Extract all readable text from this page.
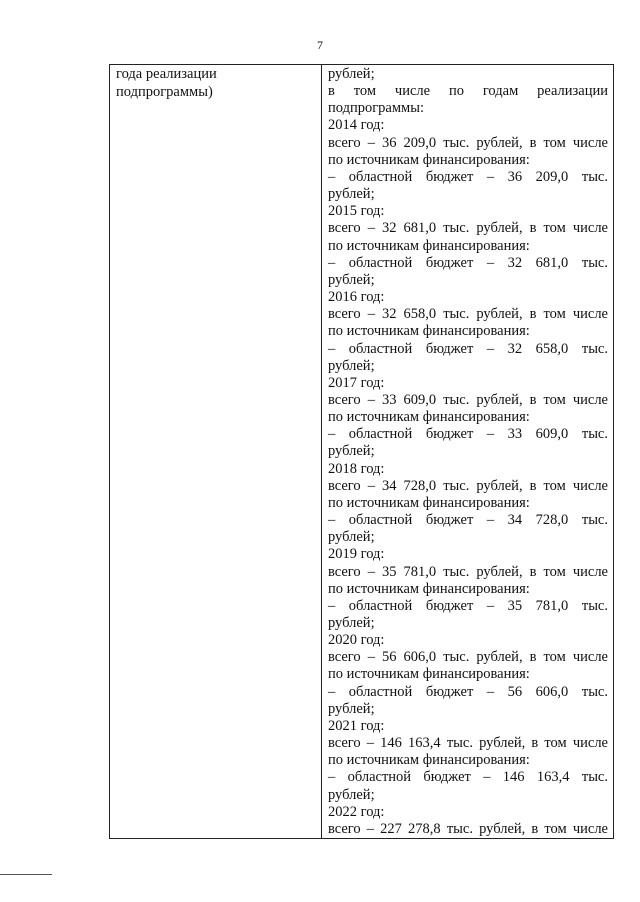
7
года реализации
подпрограммы)
рублей;
в том числе по годам реализации
подпрограммы:
2014 год:
всего – 36 209,0 тыс. рублей, в том числе
по источникам финансирования:
– областной бюджет – 36 209,0 тыс.
рублей;
2015 год:
всего – 32 681,0 тыс. рублей, в том числе
по источникам финансирования:
– областной бюджет – 32 681,0 тыс.
рублей;
2016 год:
всего – 32 658,0 тыс. рублей, в том числе
по источникам финансирования:
– областной бюджет – 32 658,0 тыс.
рублей;
2017 год:
всего – 33 609,0 тыс. рублей, в том числе
по источникам финансирования:
– областной бюджет – 33 609,0 тыс.
рублей;
2018 год:
всего – 34 728,0 тыс. рублей, в том числе
по источникам финансирования:
– областной бюджет – 34 728,0 тыс.
рублей;
2019 год:
всего – 35 781,0 тыс. рублей, в том числе
по источникам финансирования:
– областной бюджет – 35 781,0 тыс.
рублей;
2020 год:
всего – 56 606,0 тыс. рублей, в том числе
по источникам финансирования:
– областной бюджет – 56 606,0 тыс.
рублей;
2021 год:
всего – 146 163,4 тыс. рублей, в том числе
по источникам финансирования:
– областной бюджет – 146 163,4 тыс.
рублей;
2022 год:
всего – 227 278,8 тыс. рублей, в том числе
